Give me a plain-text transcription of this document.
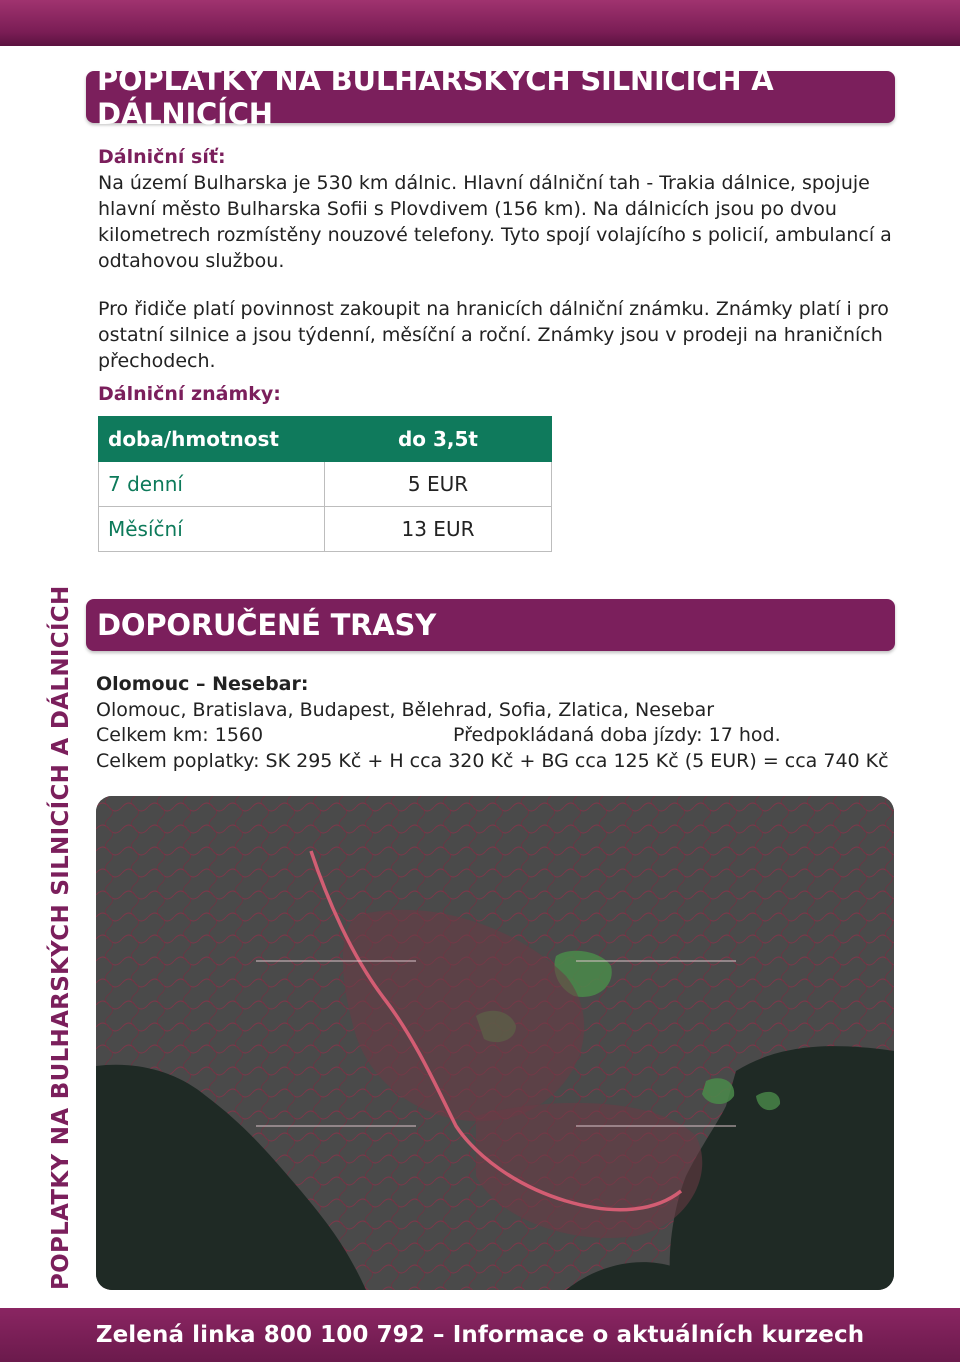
POPLATKY NA BULHARSKÝCH SILNICÍCH A DÁLNICÍCH
POPLATKY NA BULHARSKÝCH SILNICÍCH A DÁLNICÍCH
Dálniční síť:

Na území Bulharska je 530 km dálnic. Hlavní dálniční tah - Trakia dálnice, spojuje hlavní město Bulharska Sofii s Plovdivem (156 km). Na dálnicích jsou po dvou kilometrech rozmístěny nouzové telefony. Tyto spojí volajícího s policií, ambulancí a odtahovou službou.

Pro řidiče platí povinnost zakoupit na hranicích dálniční známku. Známky platí i pro ostatní silnice a jsou týdenní, měsíční a roční. Známky jsou v prodeji na hraničních přechodech.

Dálniční známky:
doba/hmotnost	do 3,5t
7 denní	5 EUR
Měsíční	13 EUR
DOPORUČENÉ TRASY
Olomouc – Nesebar:
Olomouc, Bratislava, Budapest, Bělehrad, Sofia, Zlatica, Nesebar
Celkem km: 1560	Předpokládaná doba jízdy: 17 hod.
Celkem poplatky: SK 295 Kč + H cca 320 Kč + BG cca 125 Kč (5 EUR) = cca 740 Kč
Zelená linka 800 100 792 – Informace o aktuálních kurzech
